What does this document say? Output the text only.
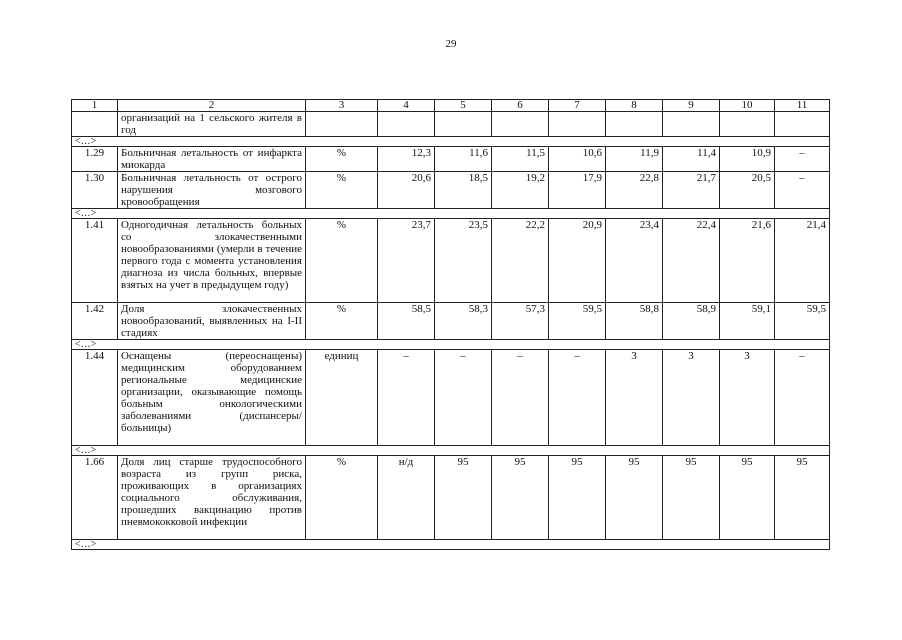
29
1	2	3	4	5	6	7	8	9	10	11
	организаций на 1 сельского жителя в год									
<…>										
1.29	Больничная летальность от инфаркта миокарда	%	12,3	11,6	11,5	10,6	11,9	11,4	10,9	–
1.30	Больничная летальность от острого нарушения мозгового кровообращения	%	20,6	18,5	19,2	17,9	22,8	21,7	20,5	–
<…>										
1.41	Одногодичная летальность больных со злокачественными новообразованиями (умерли в течение первого года с момента установления диагноза из числа больных, впервые взятых на учет в предыдущем году)	%	23,7	23,5	22,2	20,9	23,4	22,4	21,6	21,4
1.42	Доля злокачественных новообразований, выявленных на I-II стадиях	%	58,5	58,3	57,3	59,5	58,8	58,9	59,1	59,5
<…>										
1.44	Оснащены (переоснащены) медицинским оборудованием региональные медицинские организации, оказывающие помощь больным онкологическими заболеваниями (диспансеры/больницы)	единиц	–	–	–	–	3	3	3	–
<…>										
1.66	Доля лиц старше трудоспособного возраста из групп риска, проживающих в организациях социального обслуживания, прошедших вакцинацию против пневмококковой инфекции	%	н/д	95	95	95	95	95	95	95
<…>										
